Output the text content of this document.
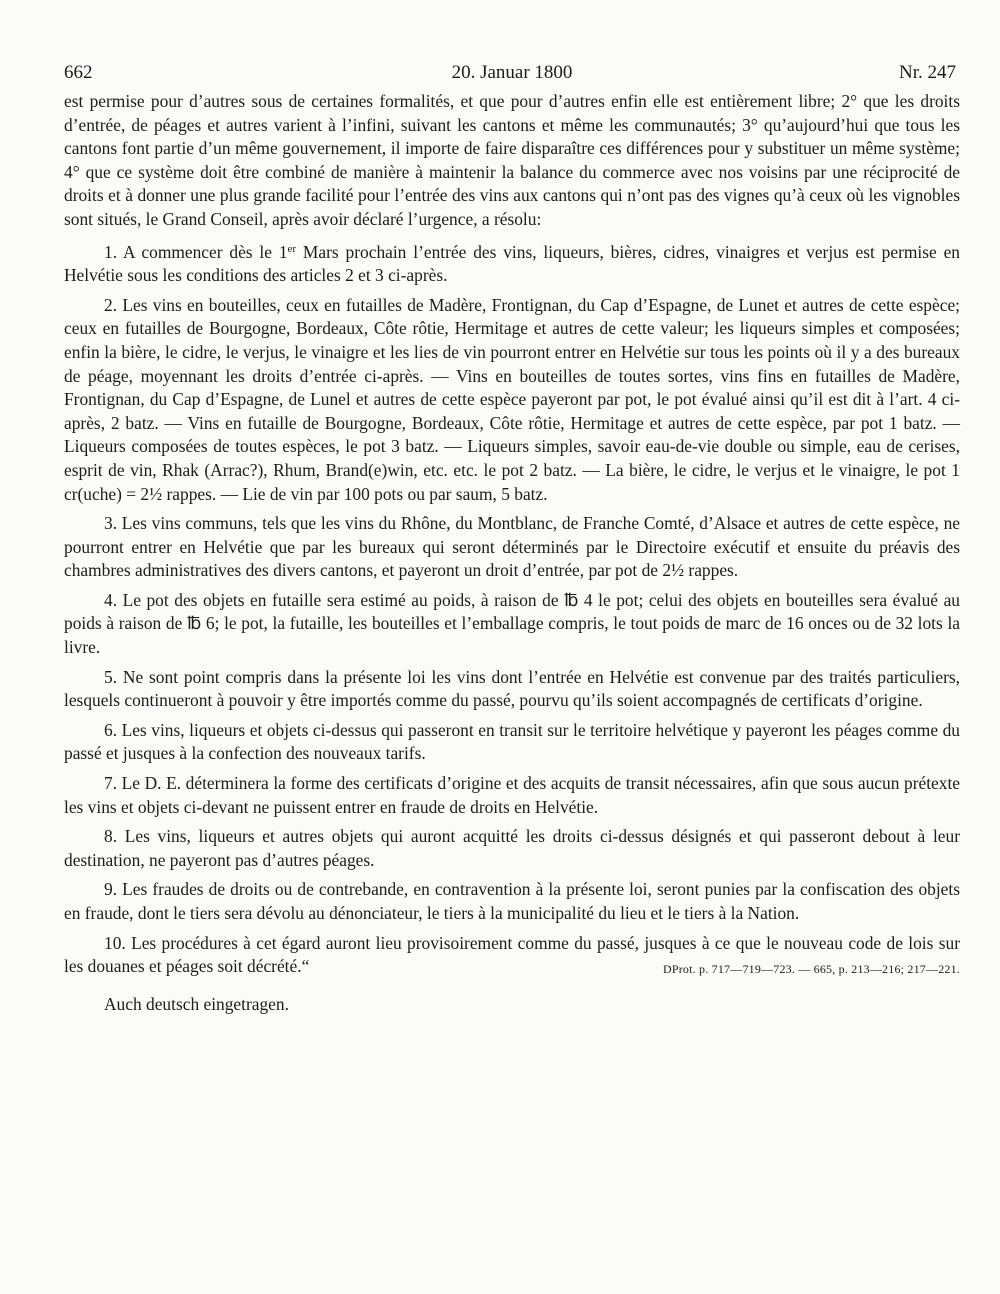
662	20. Januar 1800	Nr. 247

est permise pour d’autres sous de certaines formalités, et que pour d’autres enfin elle est entièrement libre; 2° que les droits d’entrée, de péages et autres varient à l’infini, suivant les cantons et même les communautés; 3° qu’aujourd’hui que tous les cantons font partie d’un même gouvernement, il importe de faire disparaître ces différences pour y substituer un même système; 4° que ce système doit être combiné de manière à maintenir la balance du commerce avec nos voisins par une réciprocité de droits et à donner une plus grande facilité pour l’entrée des vins aux cantons qui n’ont pas des vignes qu’à ceux où les vignobles sont situés, le Grand Conseil, après avoir déclaré l’urgence, a résolu:

1. A commencer dès le 1er Mars prochain l’entrée des vins, liqueurs, bières, cidres, vinaigres et verjus est permise en Helvétie sous les conditions des articles 2 et 3 ci-après.

2. Les vins en bouteilles, ceux en futailles de Madère, Frontignan, du Cap d’Espagne, de Lunet et autres de cette espèce; ceux en futailles de Bourgogne, Bordeaux, Côte rôtie, Hermitage et autres de cette valeur; les liqueurs simples et composées; enfin la bière, le cidre, le verjus, le vinaigre et les lies de vin pourront entrer en Helvétie sur tous les points où il y a des bureaux de péage, moyennant les droits d’entrée ci-après. — Vins en bouteilles de toutes sortes, vins fins en futailles de Madère, Frontignan, du Cap d’Espagne, de Lunel et autres de cette espèce payeront par pot, le pot évalué ainsi qu’il est dit à l’art. 4 ci-après, 2 batz. — Vins en futaille de Bourgogne, Bordeaux, Côte rôtie, Hermitage et autres de cette espèce, par pot 1 batz. — Liqueurs composées de toutes espèces, le pot 3 batz. — Liqueurs simples, savoir eau-de-vie double ou simple, eau de cerises, esprit de vin, Rhak (Arrac?), Rhum, Brand(e)win, etc. etc. le pot 2 batz. — La bière, le cidre, le verjus et le vinaigre, le pot 1 cr(uche) = 2½ rappes. — Lie de vin par 100 pots ou par saum, 5 batz.

3. Les vins communs, tels que les vins du Rhône, du Montblanc, de Franche Comté, d’Alsace et autres de cette espèce, ne pourront entrer en Helvétie que par les bureaux qui seront déterminés par le Directoire exécutif et ensuite du préavis des chambres administratives des divers cantons, et payeront un droit d’entrée, par pot de 2½ rappes.

4. Le pot des objets en futaille sera estimé au poids, à raison de ℔ 4 le pot; celui des objets en bouteilles sera évalué au poids à raison de ℔ 6; le pot, la futaille, les bouteilles et l’emballage compris, le tout poids de marc de 16 onces ou de 32 lots la livre.

5. Ne sont point compris dans la présente loi les vins dont l’entrée en Helvétie est convenue par des traités particuliers, lesquels continueront à pouvoir y être importés comme du passé, pourvu qu’ils soient accompagnés de certificats d’origine.

6. Les vins, liqueurs et objets ci-dessus qui passeront en transit sur le territoire helvétique y payeront les péages comme du passé et jusques à la confection des nouveaux tarifs.

7. Le D. E. déterminera la forme des certificats d’origine et des acquits de transit nécessaires, afin que sous aucun prétexte les vins et objets ci-devant ne puissent entrer en fraude de droits en Helvétie.

8. Les vins, liqueurs et autres objets qui auront acquitté les droits ci-dessus désignés et qui passeront debout à leur destination, ne payeront pas d’autres péages.

9. Les fraudes de droits ou de contrebande, en contravention à la présente loi, seront punies par la confiscation des objets en fraude, dont le tiers sera dévolu au dénonciateur, le tiers à la municipalité du lieu et le tiers à la Nation.

10. Les procédures à cet égard auront lieu provisoirement comme du passé, jusques à ce que le nouveau code de lois sur les douanes et péages soit décrété.“	DProt. p. 717—719—723. — 665, p. 213—216; 217—221.

Auch deutsch eingetragen.
